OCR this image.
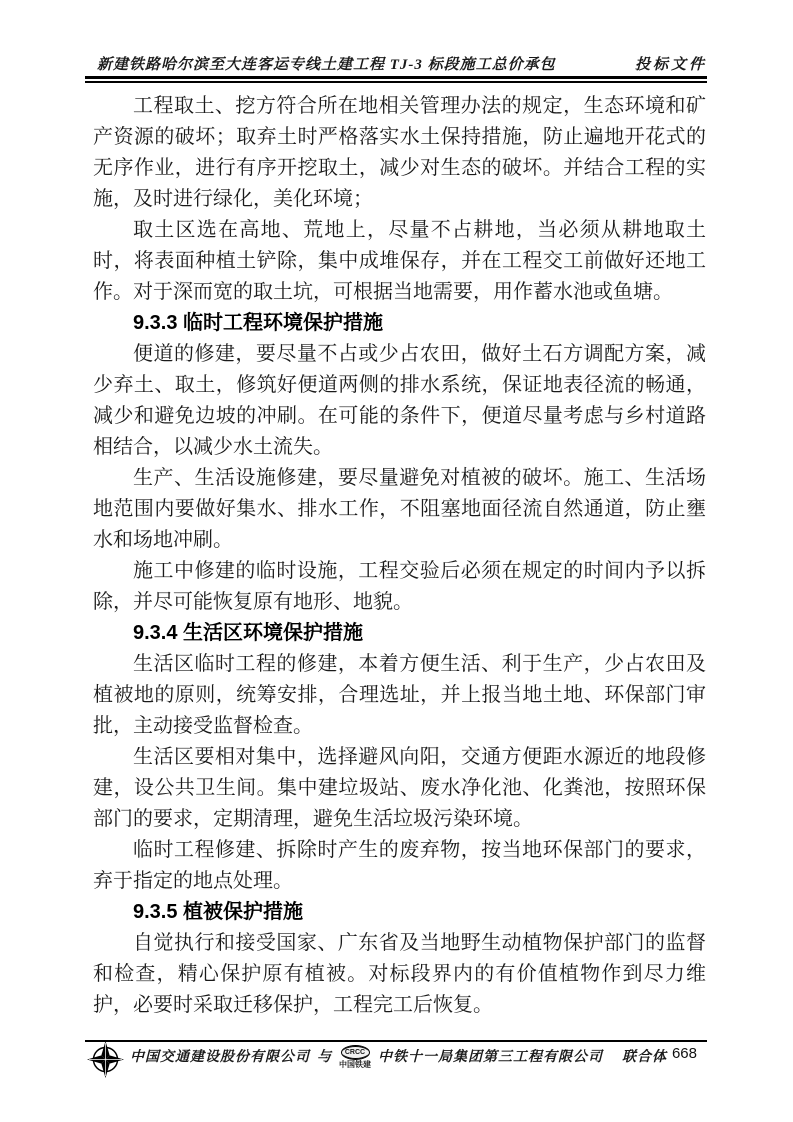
新建铁路哈尔滨至大连客运专线土建工程 TJ-3 标段施工总价承包	投标文件

工程取土、挖方符合所在地相关管理办法的规定，生态环境和矿产资源的破坏；取弃土时严格落实水土保持措施，防止遍地开花式的无序作业，进行有序开挖取土，减少对生态的破坏。并结合工程的实施，及时进行绿化，美化环境；

取土区选在高地、荒地上，尽量不占耕地，当必须从耕地取土时，将表面种植土铲除，集中成堆保存，并在工程交工前做好还地工作。对于深而宽的取土坑，可根据当地需要，用作蓄水池或鱼塘。

9.3.3 临时工程环境保护措施

便道的修建，要尽量不占或少占农田，做好土石方调配方案，减少弃土、取土，修筑好便道两侧的排水系统，保证地表径流的畅通，减少和避免边坡的冲刷。在可能的条件下，便道尽量考虑与乡村道路相结合，以减少水土流失。

生产、生活设施修建，要尽量避免对植被的破坏。施工、生活场地范围内要做好集水、排水工作，不阻塞地面径流自然通道，防止壅水和场地冲刷。

施工中修建的临时设施，工程交验后必须在规定的时间内予以拆除，并尽可能恢复原有地形、地貌。

9.3.4 生活区环境保护措施

生活区临时工程的修建，本着方便生活、利于生产，少占农田及植被地的原则，统筹安排，合理选址，并上报当地土地、环保部门审批，主动接受监督检查。

生活区要相对集中，选择避风向阳，交通方便距水源近的地段修建，设公共卫生间。集中建垃圾站、废水净化池、化粪池，按照环保部门的要求，定期清理，避免生活垃圾污染环境。

临时工程修建、拆除时产生的废弃物，按当地环保部门的要求，弃于指定的地点处理。

9.3.5 植被保护措施

自觉执行和接受国家、广东省及当地野生动植物保护部门的监督和检查，精心保护原有植被。对标段界内的有价值植物作到尽力维护，必要时采取迁移保护，工程完工后恢复。

中国交通建设股份有限公司 与	CRCC
中国铁建 中铁十一局集团第三工程有限公司 联合体 668
